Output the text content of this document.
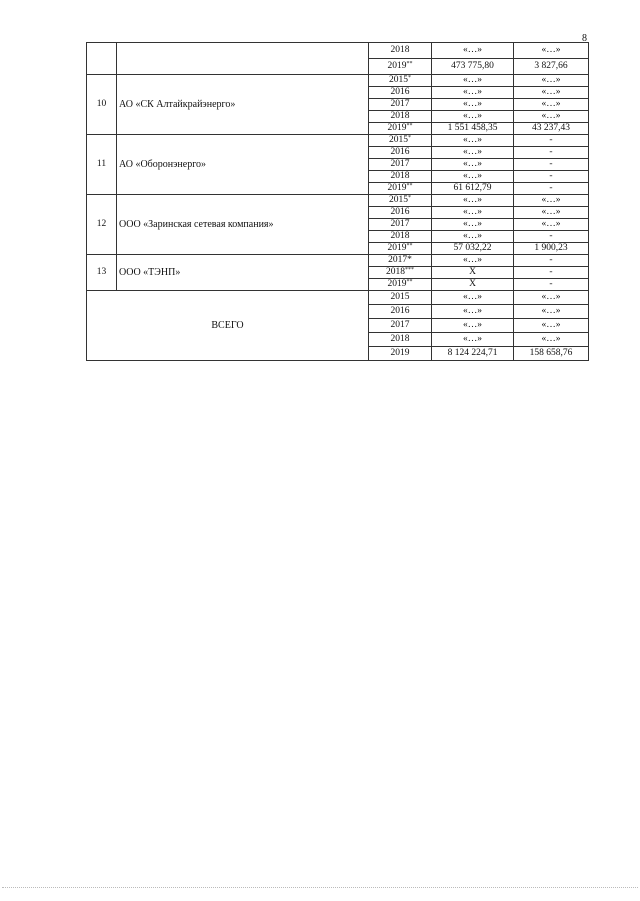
8
		2018	«…»	«…»
		2019**	473 775,80	3 827,66
10	АО «СК Алтайкрайэнерго»	2015*	«…»	«…»
		2016	«…»	«…»
		2017	«…»	«…»
		2018	«…»	«…»
		2019**	1 551 458,35	43 237,43
11	АО «Оборонэнерго»	2015*	«…»	-
		2016	«…»	-
		2017	«…»	-
		2018	«…»	-
		2019**	61 612,79	-
12	ООО «Заринская сетевая компания»	2015*	«…»	«…»
		2016	«…»	«…»
		2017	«…»	«…»
		2018	«…»	-
		2019**	57 032,22	1 900,23
13	ООО «ТЭНП»	2017*	«…»	-
		2018***	X	-
		2019**	X	-
ВСЕГО		2015	«…»	«…»
		2016	«…»	«…»
		2017	«…»	«…»
		2018	«…»	«…»
		2019	8 124 224,71	158 658,76
